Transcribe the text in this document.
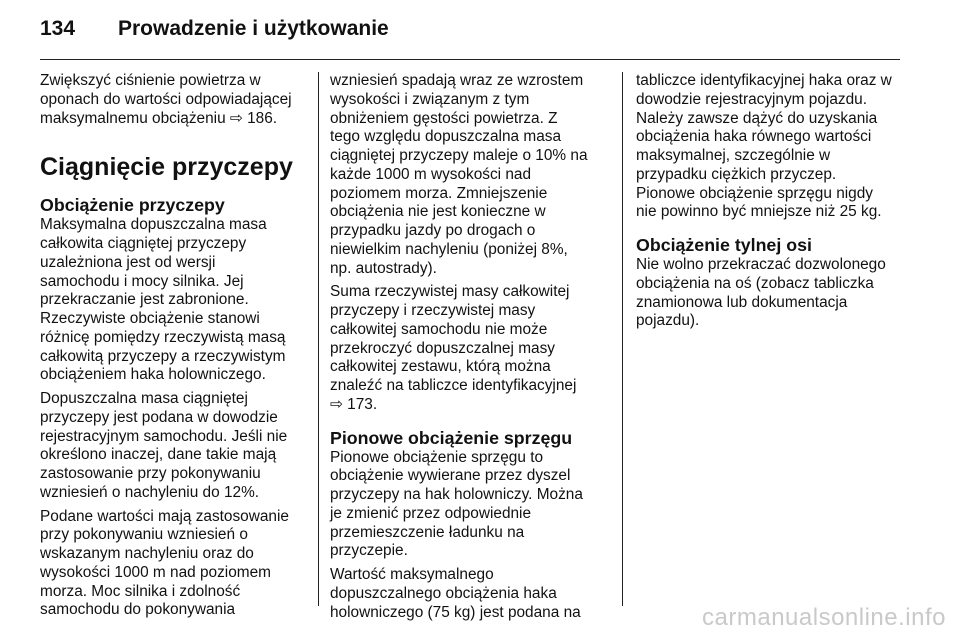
134 Prowadzenie i użytkowanie

Zwiększyć ciśnienie powietrza w
oponach do wartości odpowiadającej
maksymalnemu obciążeniu ⇨ 186.

Ciągnięcie przyczepy
Obciążenie przyczepy

Maksymalna dopuszczalna masa
całkowita ciągniętej przyczepy
uzależniona jest od wersji
samochodu i mocy silnika. Jej
przekraczanie jest zabronione.
Rzeczywiste obciążenie stanowi
różnicę pomiędzy rzeczywistą masą
całkowitą przyczepy a rzeczywistym
obciążeniem haka holowniczego.

Dopuszczalna masa ciągniętej
przyczepy jest podana w dowodzie
rejestracyjnym samochodu. Jeśli nie
określono inaczej, dane takie mają
zastosowanie przy pokonywaniu
wzniesień o nachyleniu do 12%.

Podane wartości mają zastosowanie
przy pokonywaniu wzniesień o
wskazanym nachyleniu oraz do
wysokości 1000 m nad poziomem
morza. Moc silnika i zdolność
samochodu do pokonywania

wzniesień spadają wraz ze wzrostem
wysokości i związanym z tym
obniżeniem gęstości powietrza. Z
tego względu dopuszczalna masa
ciągniętej przyczepy maleje o 10% na
każde 1000 m wysokości nad
poziomem morza. Zmniejszenie
obciążenia nie jest konieczne w
przypadku jazdy po drogach o
niewielkim nachyleniu (poniżej 8%,
np. autostrady).

Suma rzeczywistej masy całkowitej
przyczepy i rzeczywistej masy
całkowitej samochodu nie może
przekroczyć dopuszczalnej masy
całkowitej zestawu, którą można
znaleźć na tabliczce identyfikacyjnej
⇨ 173.

Pionowe obciążenie sprzęgu

Pionowe obciążenie sprzęgu to
obciążenie wywierane przez dyszel
przyczepy na hak holowniczy. Można
je zmienić przez odpowiednie
przemieszczenie ładunku na
przyczepie.

Wartość maksymalnego
dopuszczalnego obciążenia haka
holowniczego (75 kg) jest podana na

tabliczce identyfikacyjnej haka oraz w
dowodzie rejestracyjnym pojazdu.
Należy zawsze dążyć do uzyskania
obciążenia haka równego wartości
maksymalnej, szczególnie w
przypadku ciężkich przyczep.
Pionowe obciążenie sprzęgu nigdy
nie powinno być mniejsze niż 25 kg.

Obciążenie tylnej osi

Nie wolno przekraczać dozwolonego
obciążenia na oś (zobacz tabliczka
znamionowa lub dokumentacja
pojazdu).

carmanualsonline.info
